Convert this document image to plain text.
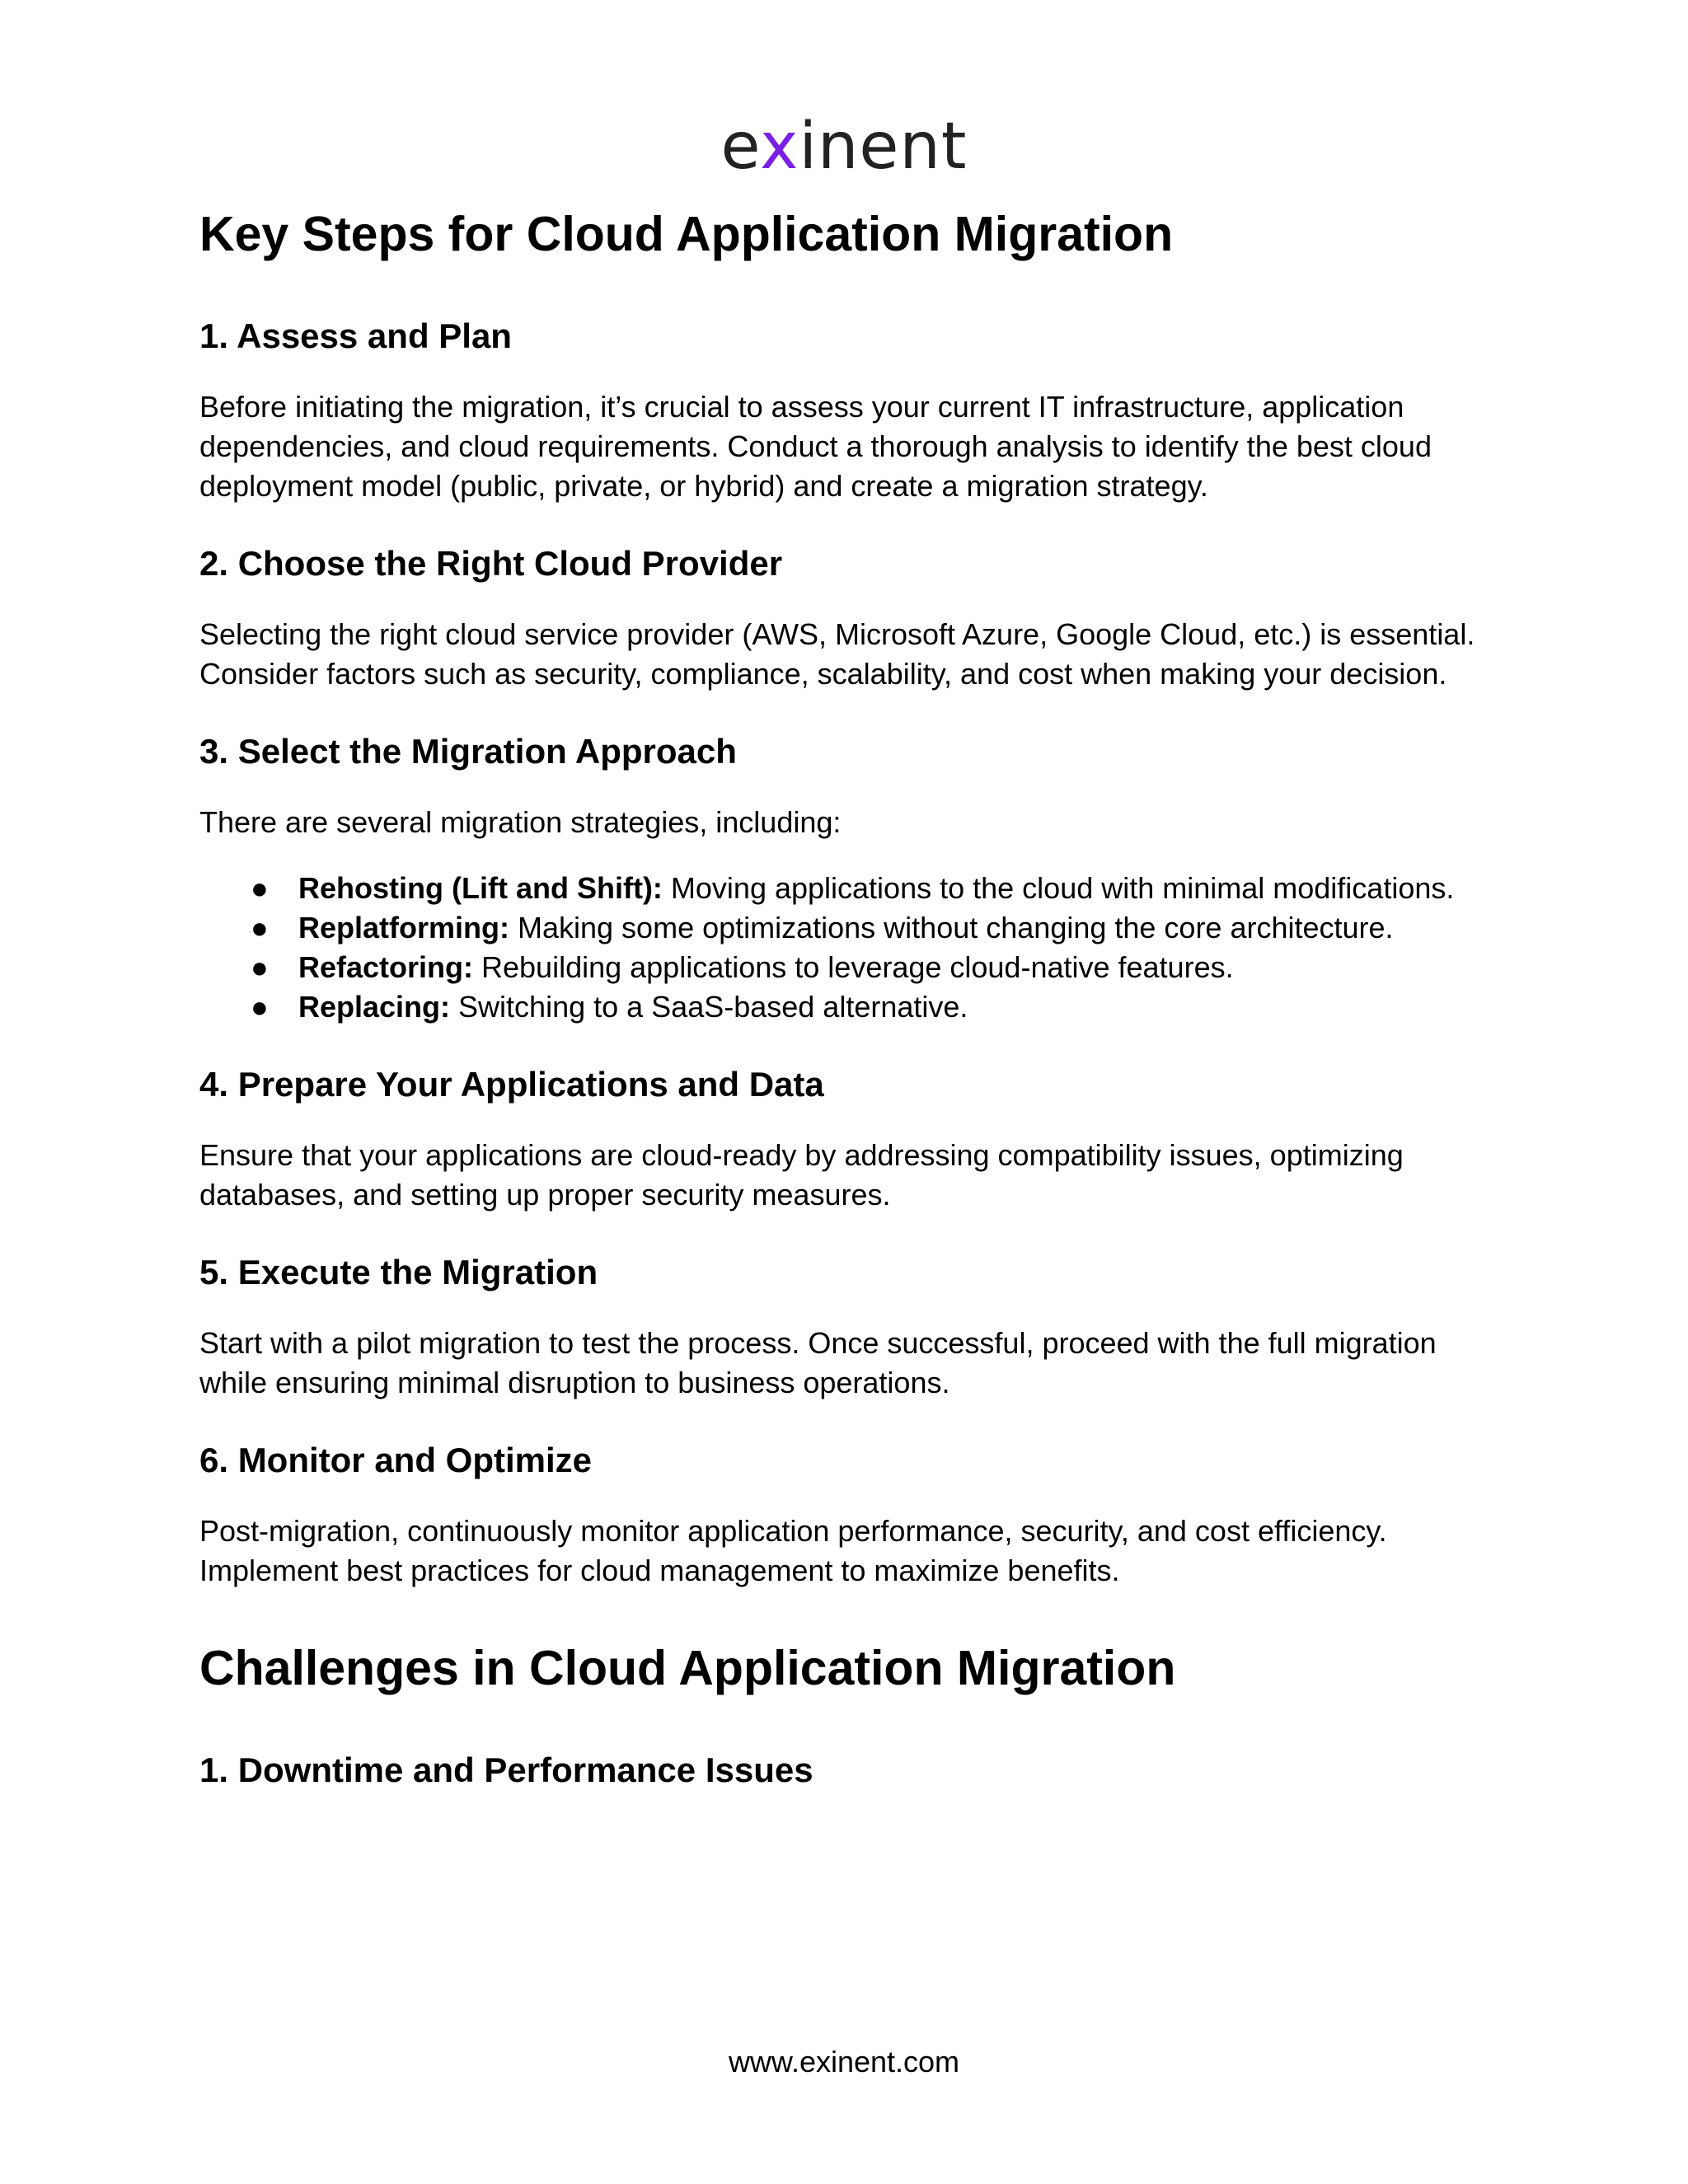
exinent
Key Steps for Cloud Application Migration
1. Assess and Plan

Before initiating the migration, it’s crucial to assess your current IT infrastructure, application dependencies, and cloud requirements. Conduct a thorough analysis to identify the best cloud deployment model (public, private, or hybrid) and create a migration strategy.

2. Choose the Right Cloud Provider

Selecting the right cloud service provider (AWS, Microsoft Azure, Google Cloud, etc.) is essential. Consider factors such as security, compliance, scalability, and cost when making your decision.

3. Select the Migration Approach

There are several migration strategies, including:

● Rehosting (Lift and Shift): Moving applications to the cloud with minimal modifications.
● Replatforming: Making some optimizations without changing the core architecture.
● Refactoring: Rebuilding applications to leverage cloud-native features.
● Replacing: Switching to a SaaS-based alternative.
4. Prepare Your Applications and Data

Ensure that your applications are cloud-ready by addressing compatibility issues, optimizing databases, and setting up proper security measures.

5. Execute the Migration

Start with a pilot migration to test the process. Once successful, proceed with the full migration while ensuring minimal disruption to business operations.

6. Monitor and Optimize

Post-migration, continuously monitor application performance, security, and cost efficiency. Implement best practices for cloud management to maximize benefits.

Challenges in Cloud Application Migration
1. Downtime and Performance Issues
www.exinent.com
